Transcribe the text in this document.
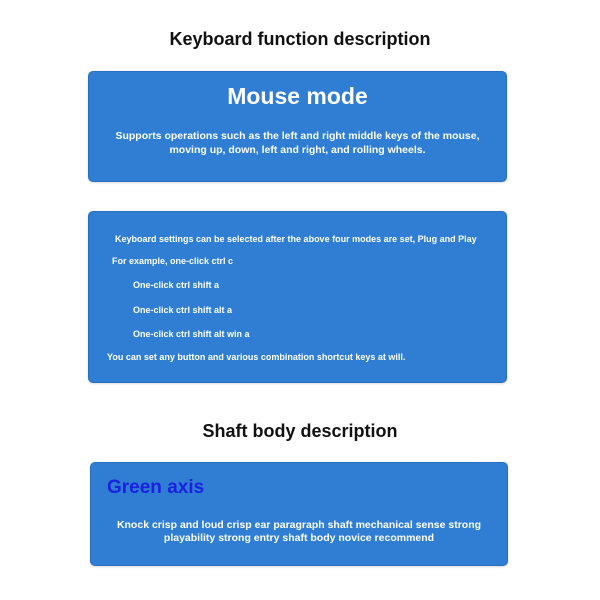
Keyboard function description
Mouse mode
Supports operations such as the left and right middle keys of the mouse, moving up, down, left and right, and rolling wheels.
Keyboard settings can be selected after the above four modes are set, Plug and Play
For example, one-click ctrl c
One-click ctrl shift a
One-click ctrl shift alt a
One-click ctrl shift alt win a
You can set any button and various combination shortcut keys at will.
Shaft body description
Green axis
Knock crisp and loud crisp ear paragraph shaft mechanical sense strong playability strong entry shaft body novice recommend
